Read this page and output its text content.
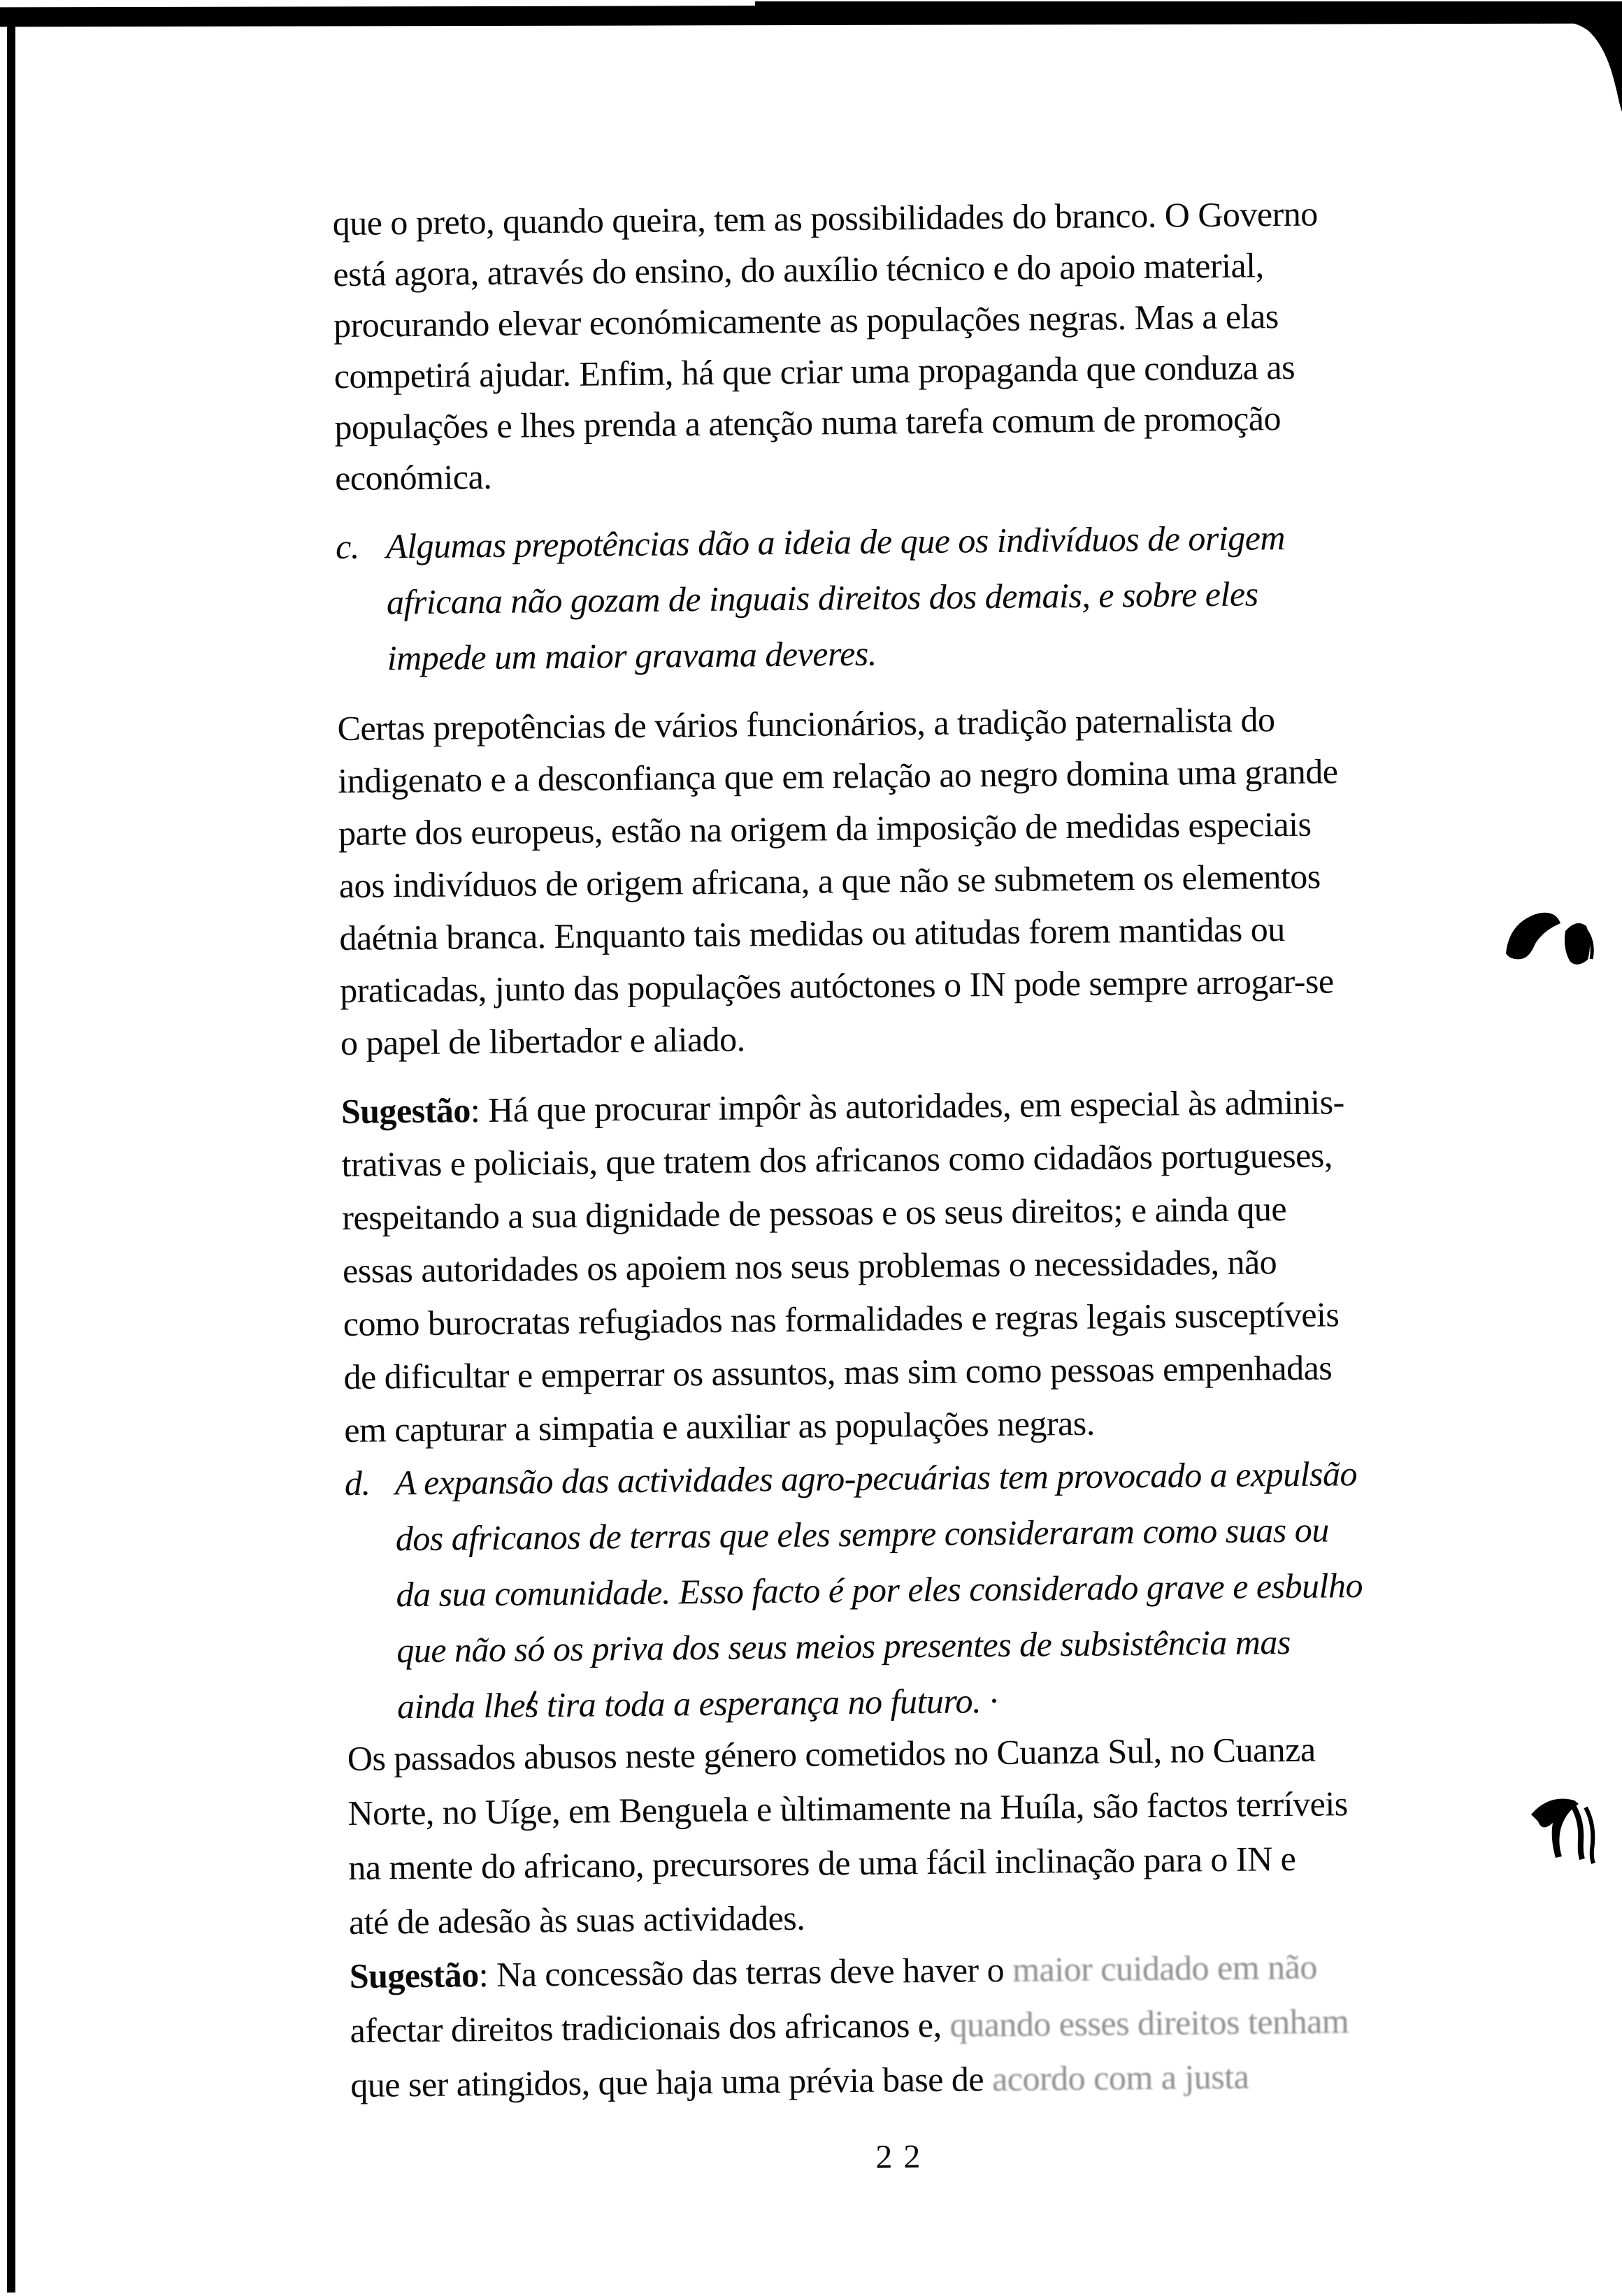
que o preto, quando queira, tem as possibilidades do branco. O Governo
está agora, através do ensino, do auxílio técnico e do apoio material,
procurando elevar económicamente as populações negras. Mas a elas
competirá ajudar. Enfim, há que criar uma propaganda que conduza as
populações e lhes prenda a atenção numa tarefa comum de promoção
económica.
c. Algumas prepotências dão a ideia de que os indivíduos de origem
africana não gozam de inguais direitos dos demais, e sobre eles
impede um maior gravama deveres.
Certas prepotências de vários funcionários, a tradição paternalista do
indigenato e a desconfiança que em relação ao negro domina uma grande
parte dos europeus, estão na origem da imposição de medidas especiais
aos indivíduos de origem africana, a que não se submetem os elementos
daétnia branca. Enquanto tais medidas ou atitudas forem mantidas ou
praticadas, junto das populações autóctones o IN pode sempre arrogar-se
o papel de libertador e aliado.
Sugestão: Há que procurar impôr às autoridades, em especial às adminis-
trativas e policiais, que tratem dos africanos como cidadãos portugueses,
respeitando a sua dignidade de pessoas e os seus direitos; e ainda que
essas autoridades os apoiem nos seus problemas o necessidades, não
como burocratas refugiados nas formalidades e regras legais susceptíveis
de dificultar e emperrar os assuntos, mas sim como pessoas empenhadas
em capturar a simpatia e auxiliar as populações negras.
d. A expansão das actividades agro-pecuárias tem provocado a expulsão
dos africanos de terras que eles sempre consideraram como suas ou
da sua comunidade. Esso facto é por eles considerado grave e esbulho
que não só os priva dos seus meios presentes de subsistência mas
ainda lhes tira toda a esperança no futuro. ·
Os passados abusos neste género cometidos no Cuanza Sul, no Cuanza
Norte, no Uíge, em Benguela e ùltimamente na Huíla, são factos terríveis
na mente do africano, precursores de uma fácil inclinação para o IN e
até de adesão às suas actividades.
Sugestão: Na concessão das terras deve haver o maior cuidado em não
afectar direitos tradicionais dos africanos e, quando esses direitos tenham
que ser atingidos, que haja uma prévia base de acordo com a justa
22
